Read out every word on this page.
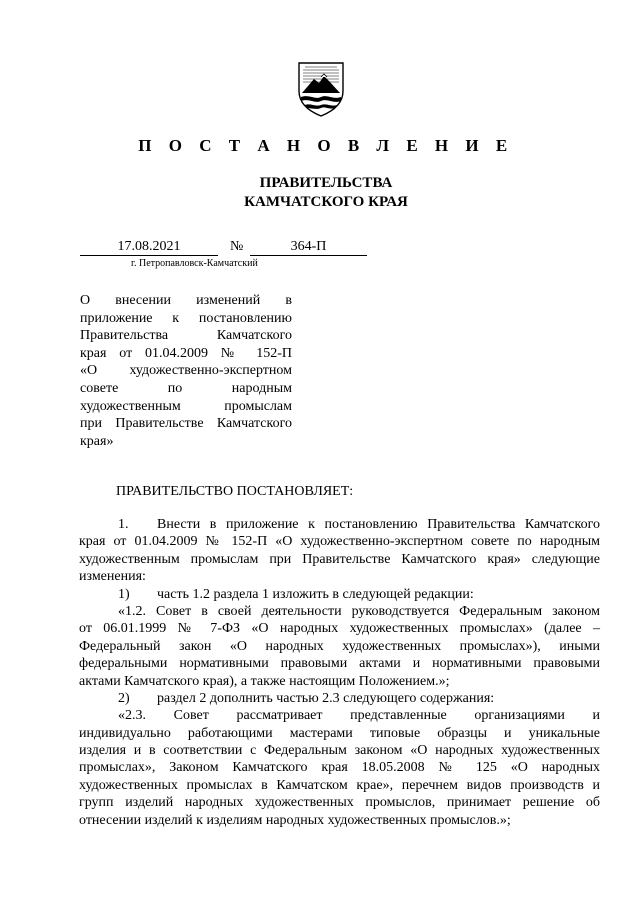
П О С Т А Н О В Л Е Н И Е
ПРАВИТЕЛЬСТВА
КАМЧАТСКОГО КРАЯ
17.08.2021	№	364-П
г. Петропавловск-Камчатский
О внесении изменений в
приложение к постановлению
Правительства Камчатского
края от 01.04.2009 № 152-П
«О художественно-экспертном
совете по народным
художественным промыслам
при Правительстве Камчатского
края»
ПРАВИТЕЛЬСТВО ПОСТАНОВЛЯЕТ:
1. Внести в приложение к постановлению Правительства Камчатского
края от 01.04.2009 № 152-П «О художественно-экспертном совете по народным
художественным промыслам при Правительстве Камчатского края» следующие
изменения:
1) часть 1.2 раздела 1 изложить в следующей редакции:
«1.2. Совет в своей деятельности руководствуется Федеральным законом
от 06.01.1999 № 7-ФЗ «О народных художественных промыслах» (далее –
Федеральный закон «О народных художественных промыслах»), иными
федеральными нормативными правовыми актами и нормативными правовыми
актами Камчатского края), а также настоящим Положением.»;
2) раздел 2 дополнить частью 2.3 следующего содержания:
«2.3. Совет рассматривает представленные организациями и
индивидуально работающими мастерами типовые образцы и уникальные
изделия и в соответствии с Федеральным законом «О народных художественных
промыслах», Законом Камчатского края 18.05.2008 № 125 «О народных
художественных промыслах в Камчатском крае», перечнем видов производств и
групп изделий народных художественных промыслов, принимает решение об
отнесении изделий к изделиям народных художественных промыслов.»;
